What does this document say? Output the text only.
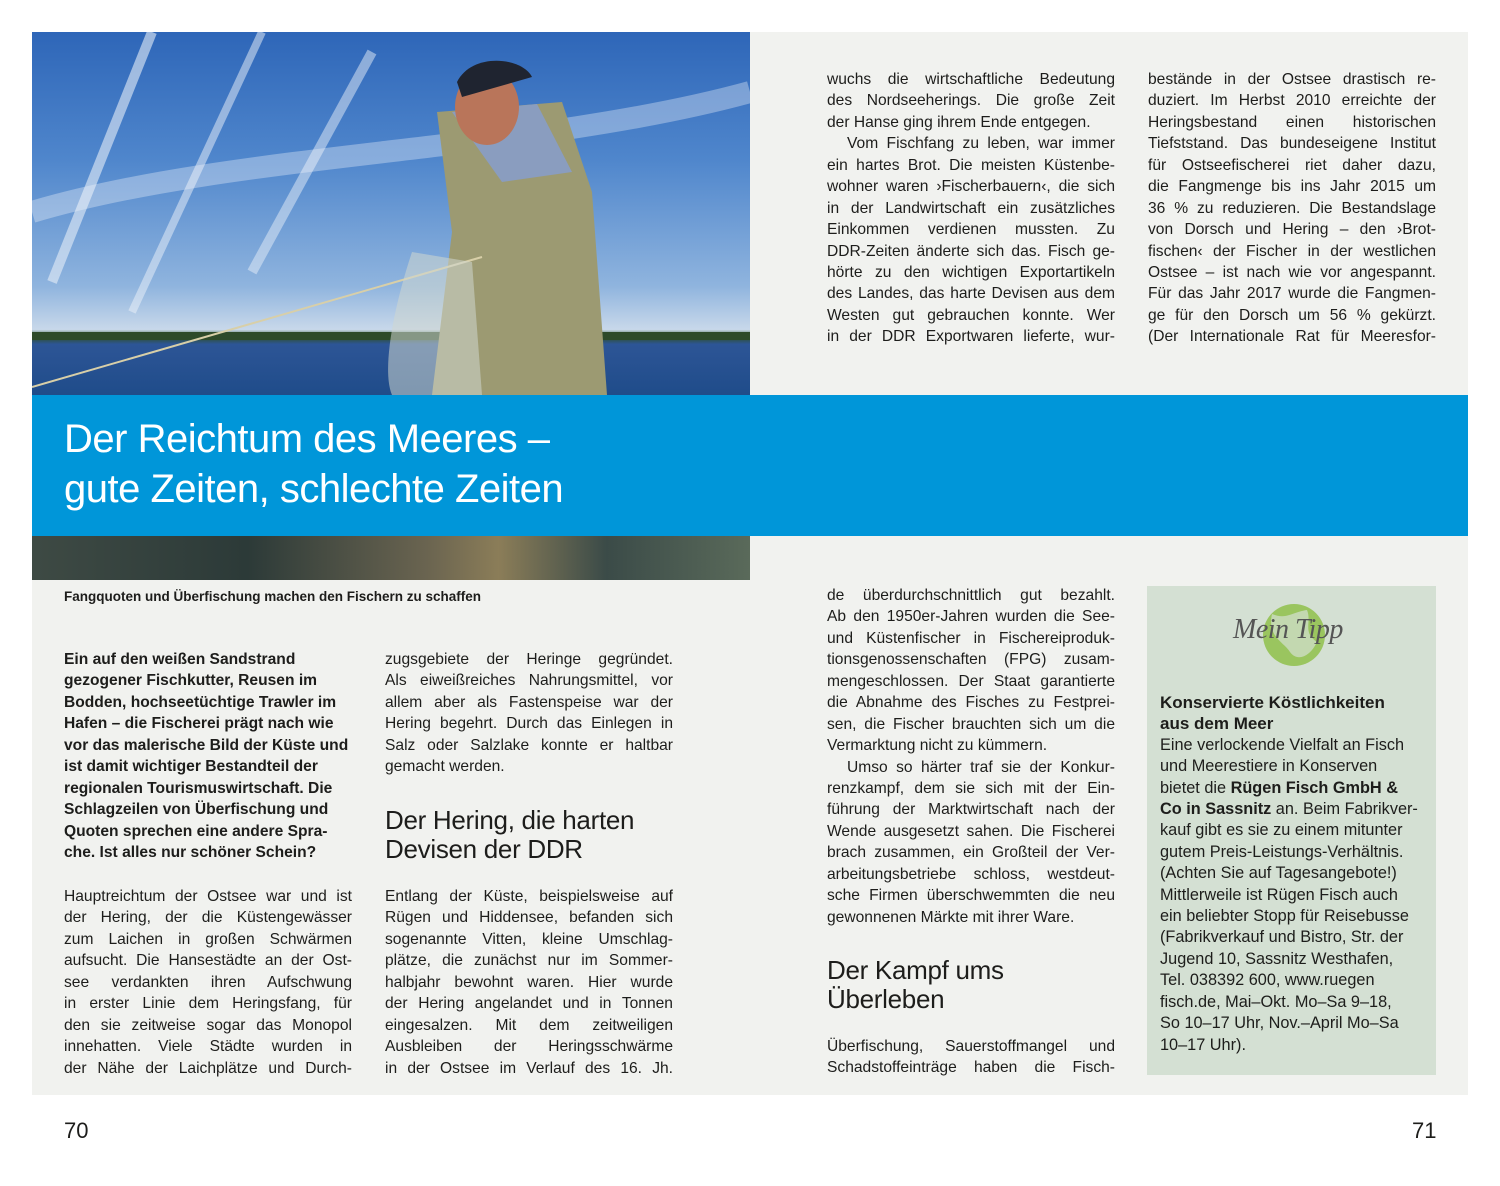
Der Reichtum des Meeres –
gute Zeiten, schlechte Zeiten
Fangquoten und Überfischung machen den Fischern zu schaffen
wuchs die wirtschaftliche Bedeutung
des Nordseeherings. Die große Zeit
der Hanse ging ihrem Ende entgegen.
Vom Fischfang zu leben, war immer
ein hartes Brot. Die meisten Küstenbe-
wohner waren ›Fischerbauern‹, die sich
in der Landwirtschaft ein zusätzliches
Einkommen verdienen mussten. Zu
DDR-Zeiten änderte sich das. Fisch ge-
hörte zu den wichtigen Exportartikeln
des Landes, das harte Devisen aus dem
Westen gut gebrauchen konnte. Wer
in der DDR Exportwaren lieferte, wur-
bestände in der Ostsee drastisch re-
duziert. Im Herbst 2010 erreichte der
Heringsbestand einen historischen
Tiefststand. Das bundeseigene Institut
für Ostseefischerei riet daher dazu,
die Fangmenge bis ins Jahr 2015 um
36 % zu reduzieren. Die Bestandslage
von Dorsch und Hering – den ›Brot-
fischen‹ der Fischer in der westlichen
Ostsee – ist nach wie vor angespannt.
Für das Jahr 2017 wurde die Fangmen-
ge für den Dorsch um 56 % gekürzt.
(Der Internationale Rat für Meeresfor-
Ein auf den weißen Sandstrand
gezogener Fischkutter, Reusen im
Bodden, hochseetüchtige Trawler im
Hafen – die Fischerei prägt nach wie
vor das malerische Bild der Küste und
ist damit wichtiger Bestandteil der
regionalen Tourismuswirtschaft. Die
Schlagzeilen von Überfischung und
Quoten sprechen eine andere Spra-
che. Ist alles nur schöner Schein?
Hauptreichtum der Ostsee war und ist
der Hering, der die Küstengewässer
zum Laichen in großen Schwärmen
aufsucht. Die Hansestädte an der Ost-
see verdankten ihren Aufschwung
in erster Linie dem Heringsfang, für
den sie zeitweise sogar das Monopol
innehatten. Viele Städte wurden in
der Nähe der Laichplätze und Durch-
zugsgebiete der Heringe gegründet.
Als eiweißreiches Nahrungsmittel, vor
allem aber als Fastenspeise war der
Hering begehrt. Durch das Einlegen in
Salz oder Salzlake konnte er haltbar
gemacht werden.
Der Hering, die harten
Devisen der DDR
Entlang der Küste, beispielsweise auf
Rügen und Hiddensee, befanden sich
sogenannte Vitten, kleine Umschlag-
plätze, die zunächst nur im Sommer-
halbjahr bewohnt waren. Hier wurde
der Hering angelandet und in Tonnen
eingesalzen. Mit dem zeitweiligen
Ausbleiben der Heringsschwärme
in der Ostsee im Verlauf des 16. Jh.
de überdurchschnittlich gut bezahlt.
Ab den 1950er-Jahren wurden die See-
und Küstenfischer in Fischereiproduk-
tionsgenossenschaften (FPG) zusam-
mengeschlossen. Der Staat garantierte
die Abnahme des Fisches zu Festprei-
sen, die Fischer brauchten sich um die
Vermarktung nicht zu kümmern.
Umso so härter traf sie der Konkur-
renzkampf, dem sie sich mit der Ein-
führung der Marktwirtschaft nach der
Wende ausgesetzt sahen. Die Fischerei
brach zusammen, ein Großteil der Ver-
arbeitungsbetriebe schloss, westdeut-
sche Firmen überschwemmten die neu
gewonnenen Märkte mit ihrer Ware.
Der Kampf ums
Überleben
Überfischung, Sauerstoffmangel und
Schadstoffeinträge haben die Fisch-
Mein Tipp
Konservierte Köstlichkeiten
aus dem Meer
Eine verlockende Vielfalt an Fisch
und Meerestiere in Konserven
bietet die Rügen Fisch GmbH &
Co in Sassnitz an. Beim Fabrikver-
kauf gibt es sie zu einem mitunter
gutem Preis-Leistungs-Verhältnis.
(Achten Sie auf Tagesangebote!)
Mittlerweile ist Rügen Fisch auch
ein beliebter Stopp für Reisebusse
(Fabrikverkauf und Bistro, Str. der
Jugend 10, Sassnitz Westhafen,
Tel. 038392 600, www.ruegen
fisch.de, Mai–Okt. Mo–Sa 9–18,
So 10–17 Uhr, Nov.–April Mo–Sa
10–17 Uhr).
70	71
